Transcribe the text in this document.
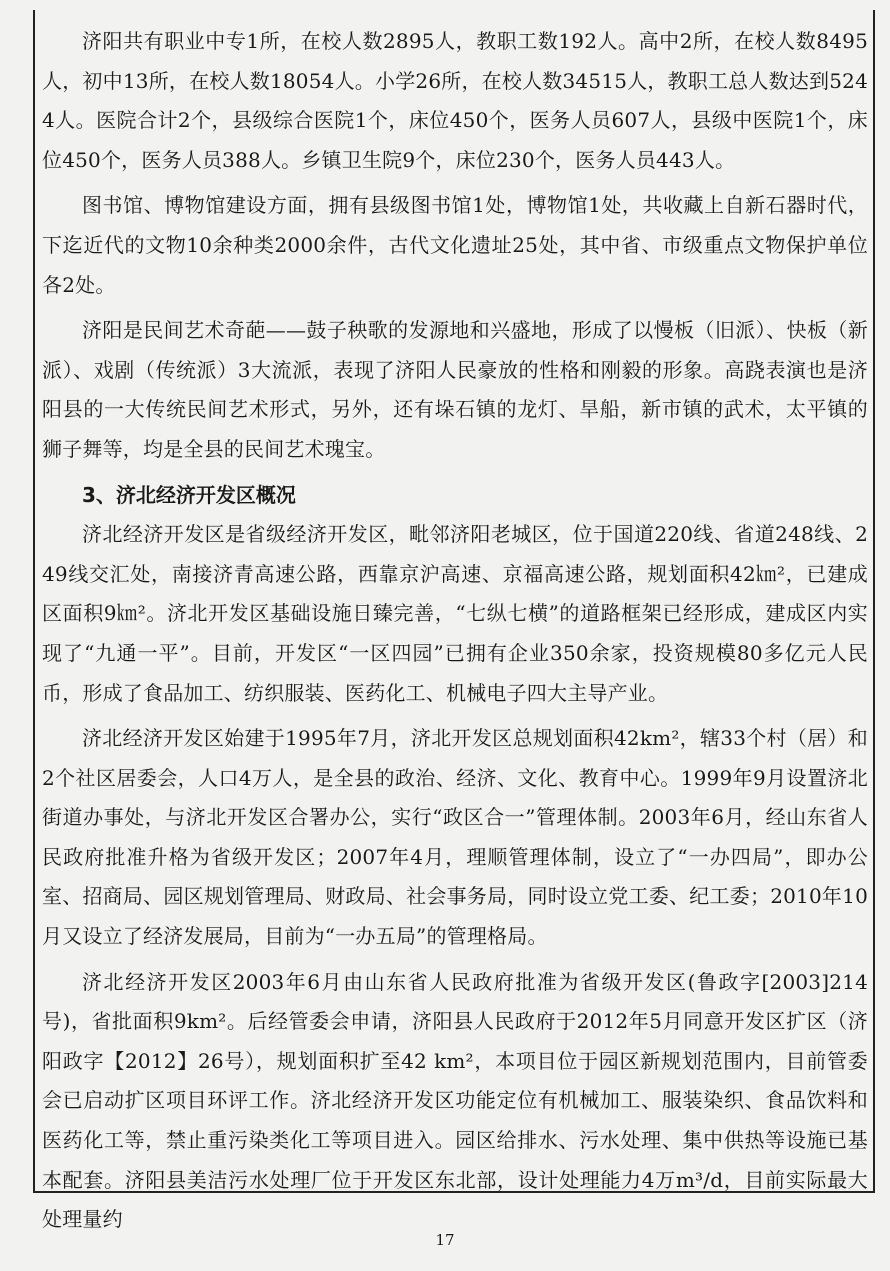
济阳共有职业中专1所，在校人数2895人，教职工数192人。高中2所，在校人数8495人，初中13所，在校人数18054人。小学26所，在校人数34515人，教职工总人数达到5244人。医院合计2个，县级综合医院1个，床位450个，医务人员607人，县级中医院1个，床位450个，医务人员388人。乡镇卫生院9个，床位230个，医务人员443人。

图书馆、博物馆建设方面，拥有县级图书馆1处，博物馆1处，共收藏上自新石器时代，下迄近代的文物10余种类2000余件，古代文化遗址25处，其中省、市级重点文物保护单位各2处。

济阳是民间艺术奇葩——鼓子秧歌的发源地和兴盛地，形成了以慢板（旧派）、快板（新派）、戏剧（传统派）3大流派，表现了济阳人民豪放的性格和刚毅的形象。高跷表演也是济阳县的一大传统民间艺术形式，另外，还有垛石镇的龙灯、旱船，新市镇的武术，太平镇的狮子舞等，均是全县的民间艺术瑰宝。

3、济北经济开发区概况

济北经济开发区是省级经济开发区，毗邻济阳老城区，位于国道220线、省道248线、249线交汇处，南接济青高速公路，西靠京沪高速、京福高速公路，规划面积42㎞²，已建成区面积9㎞²。济北开发区基础设施日臻完善，“七纵七横”的道路框架已经形成，建成区内实现了“九通一平”。目前，开发区“一区四园”已拥有企业350余家，投资规模80多亿元人民币，形成了食品加工、纺织服装、医药化工、机械电子四大主导产业。

济北经济开发区始建于1995年7月，济北开发区总规划面积42km²，辖33个村（居）和2个社区居委会，人口4万人，是全县的政治、经济、文化、教育中心。1999年9月设置济北街道办事处，与济北开发区合署办公，实行“政区合一”管理体制。2003年6月，经山东省人民政府批准升格为省级开发区；2007年4月，理顺管理体制，设立了“一办四局”，即办公室、招商局、园区规划管理局、财政局、社会事务局，同时设立党工委、纪工委；2010年10月又设立了经济发展局，目前为“一办五局”的管理格局。

济北经济开发区2003年6月由山东省人民政府批准为省级开发区(鲁政字[2003]214号)，省批面积9km²。后经管委会申请，济阳县人民政府于2012年5月同意开发区扩区（济阳政字【2012】26号），规划面积扩至42 km²，本项目位于园区新规划范围内，目前管委会已启动扩区项目环评工作。济北经济开发区功能定位有机械加工、服装染织、食品饮料和医药化工等，禁止重污染类化工等项目进入。园区给排水、污水处理、集中供热等设施已基本配套。济阳县美洁污水处理厂位于开发区东北部，设计处理能力4万m³/d，目前实际最大处理量约

17
